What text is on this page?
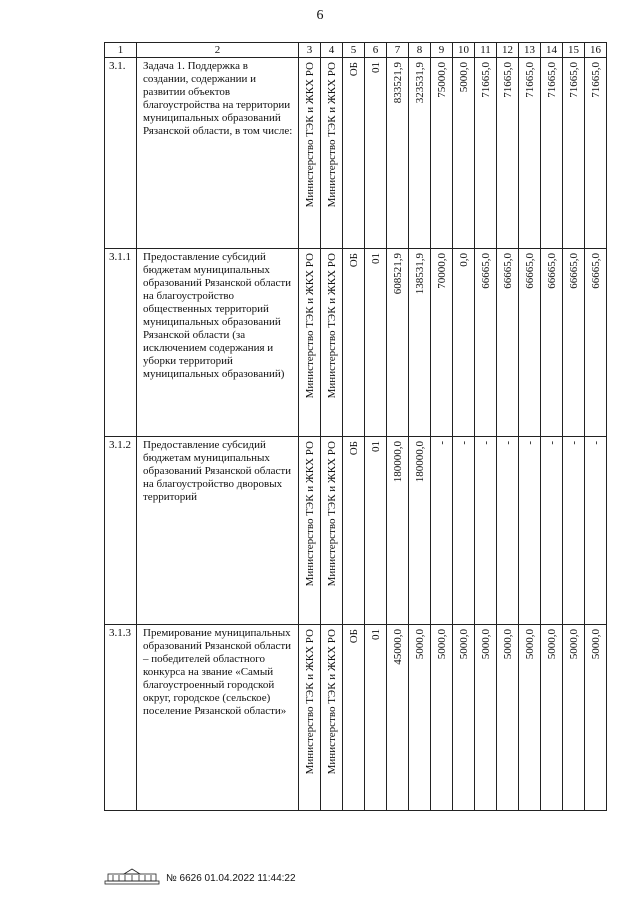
6
1	2	3	4	5	6	7	8	9	10	11	12	13	14	15	16
3.1.	Задача 1. Поддержка в создании, содержании и развитии объектов благоустройства на территории муниципальных образований Рязанской области, в том числе:	Министерство ТЭК и ЖКХ РО	Министерство ТЭК и ЖКХ РО	ОБ	01	833521,9	323531,9	75000,0	5000,0	71665,0	71665,0	71665,0	71665,0	71665,0	71665,0

3.1.1	Предоставление субсидий бюджетам муниципальных образований Рязанской области на благоустройство общественных территорий муниципальных образований Рязанской области (за исключением содержания и уборки территорий муниципальных образований)	Министерство ТЭК и ЖКХ РО	Министерство ТЭК и ЖКХ РО	ОБ	01	608521,9	138531,9	70000,0	0,0	66665,0	66665,0	66665,0	66665,0	66665,0	66665,0

3.1.2	Предоставление субсидий бюджетам муниципальных образований Рязанской области на благоустройство дворовых территорий	Министерство ТЭК и ЖКХ РО	Министерство ТЭК и ЖКХ РО	ОБ	01	180000,0	180000,0	-	-	-	-	-	-	-	-

3.1.3	Премирование муниципальных образований Рязанской области – победителей областного конкурса на звание «Самый благоустроенный городской округ, городское (сельское) поселение Рязанской области»	Министерство ТЭК и ЖКХ РО	Министерство ТЭК и ЖКХ РО	ОБ	01	45000,0	5000,0	5000,0	5000,0	5000,0	5000,0	5000,0	5000,0	5000,0	5000,0
№ 6626 01.04.2022 11:44:22
